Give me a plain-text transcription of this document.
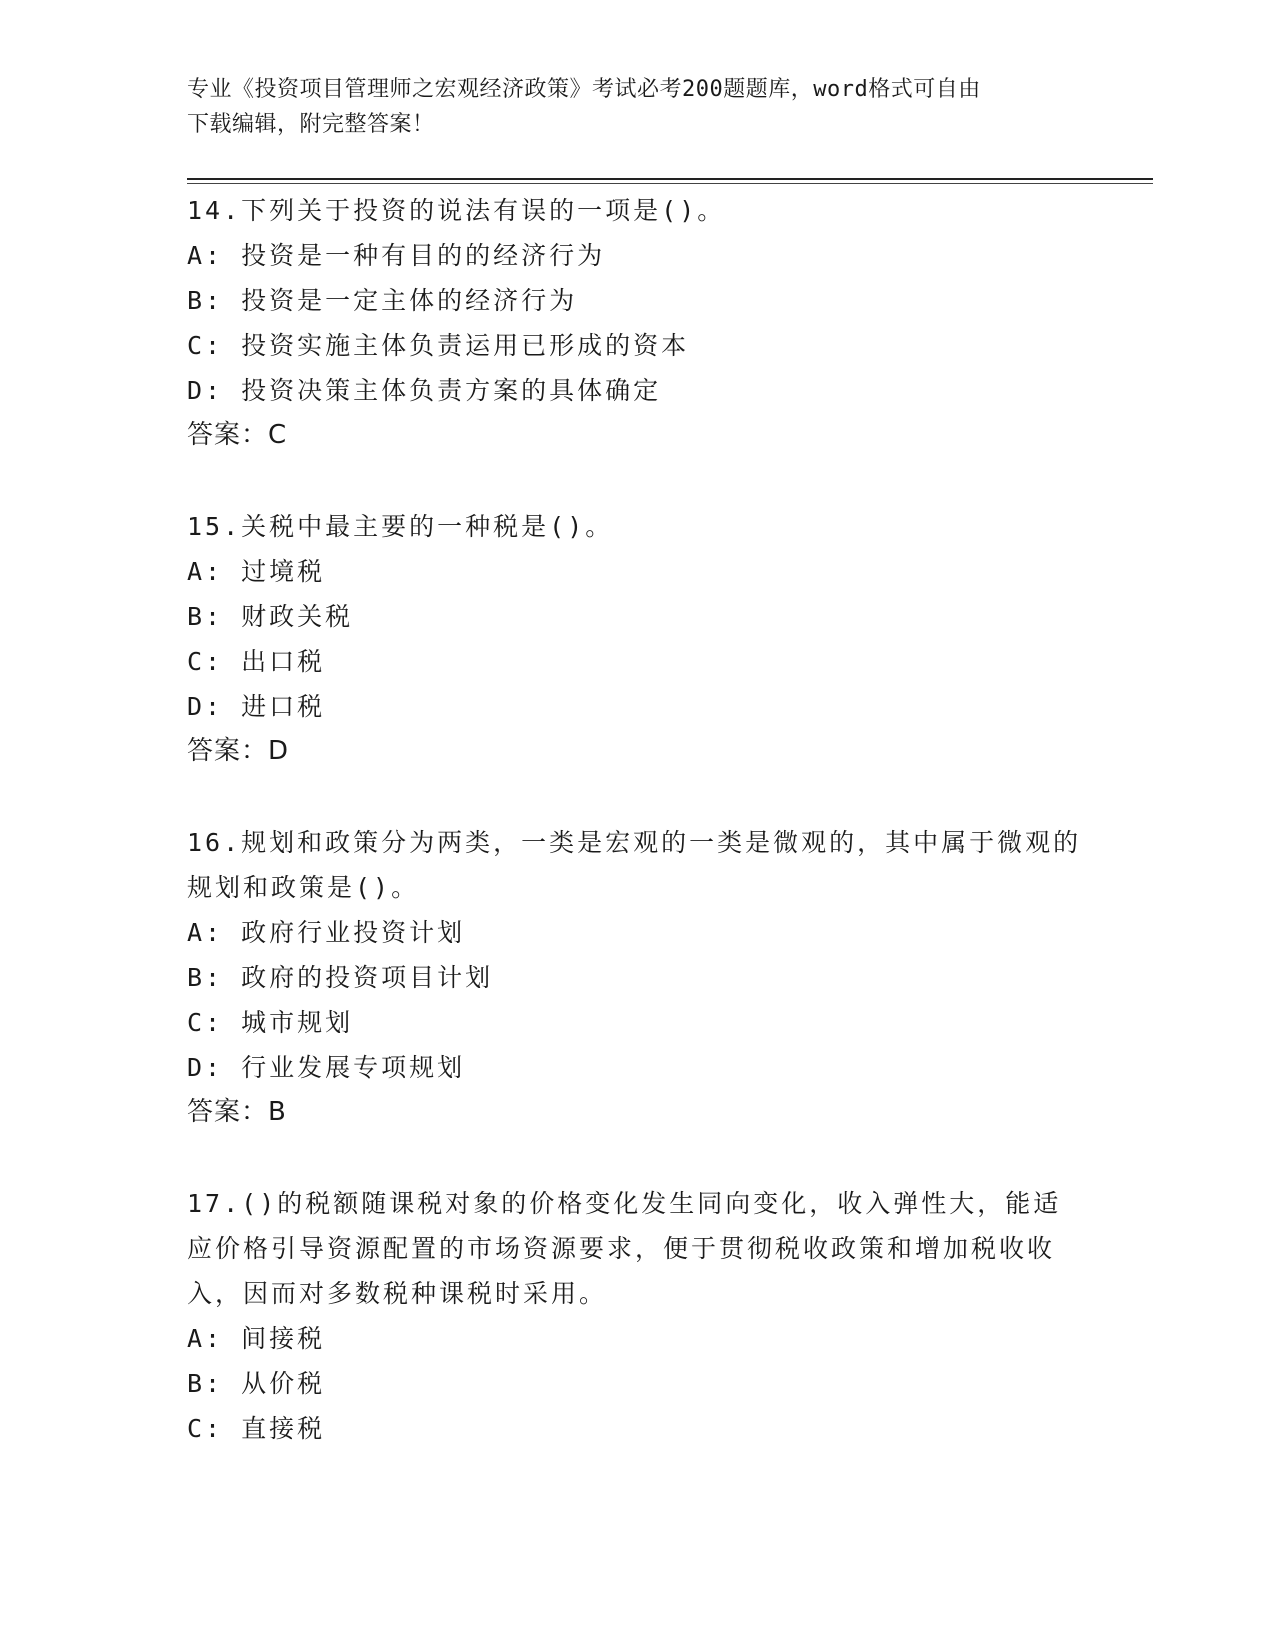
专业《投资项目管理师之宏观经济政策》考试必考200题题库，word格式可自由
下载编辑，附完整答案！
14.下列关于投资的说法有误的一项是()。
A: 投资是一种有目的的经济行为
B: 投资是一定主体的经济行为
C: 投资实施主体负责运用已形成的资本
D: 投资决策主体负责方案的具体确定
答案：C
15.关税中最主要的一种税是()。
A: 过境税
B: 财政关税
C: 出口税
D: 进口税
答案：D
16.规划和政策分为两类，一类是宏观的一类是微观的，其中属于微观的规划和政策是()。
A: 政府行业投资计划
B: 政府的投资项目计划
C: 城市规划
D: 行业发展专项规划
答案：B
17.()的税额随课税对象的价格变化发生同向变化，收入弹性大，能适应价格引导资源配置的市场资源要求，便于贯彻税收政策和增加税收收入，因而对多数税种课税时采用。
A: 间接税
B: 从价税
C: 直接税
